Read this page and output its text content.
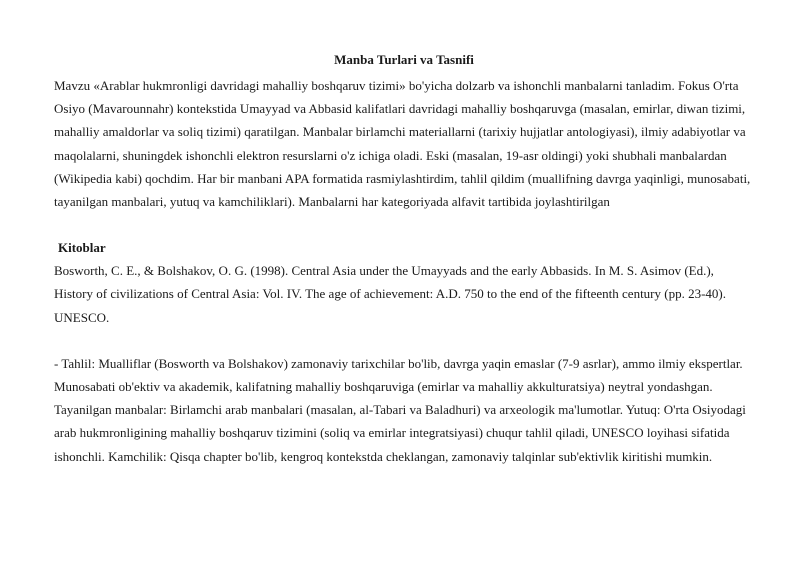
Manba Turlari va Tasnifi

Mavzu «Arablar hukmronligi davridagi mahalliy boshqaruv tizimi» bo'yicha dolzarb va ishonchli manbalarni tanladim. Fokus O'rta Osiyo (Mavarounnahr) kontekstida Umayyad va Abbasid kalifatlari davridagi mahalliy boshqaruvga (masalan, emirlar, diwan tizimi, mahalliy amaldorlar va soliq tizimi) qaratilgan. Manbalar birlamchi materiallarni (tarixiy hujjatlar antologiyasi), ilmiy adabiyotlar va maqolalarni, shuningdek ishonchli elektron resurslarni o'z ichiga oladi. Eski (masalan, 19-asr oldingi) yoki shubhali manbalardan (Wikipedia kabi) qochdim. Har bir manbani APA formatida rasmiylashtirdim, tahlil qildim (muallifning davrga yaqinligi, munosabati, tayanilgan manbalari, yutuq va kamchiliklari). Manbalarni har kategoriyada alfavit tartibida joylashtirilgan

Kitoblar

Bosworth, C. E., & Bolshakov, O. G. (1998). Central Asia under the Umayyads and the early Abbasids. In M. S. Asimov (Ed.), History of civilizations of Central Asia: Vol. IV. The age of achievement: A.D. 750 to the end of the fifteenth century (pp. 23-40). UNESCO.

- Tahlil: Mualliflar (Bosworth va Bolshakov) zamonaviy tarixchilar bo'lib, davrga yaqin emaslar (7-9 asrlar), ammo ilmiy ekspertlar. Munosabati ob'ektiv va akademik, kalifatning mahalliy boshqaruviga (emirlar va mahalliy akkulturatsiya) neytral yondashgan. Tayanilgan manbalar: Birlamchi arab manbalari (masalan, al-Tabari va Baladhuri) va arxeologik ma'lumotlar. Yutuq: O'rta Osiyodagi arab hukmronligining mahalliy boshqaruv tizimini (soliq va emirlar integratsiyasi) chuqur tahlil qiladi, UNESCO loyihasi sifatida ishonchli. Kamchilik: Qisqa chapter bo'lib, kengroq kontekstda cheklangan, zamonaviy talqinlar sub'ektivlik kiritishi mumkin.
